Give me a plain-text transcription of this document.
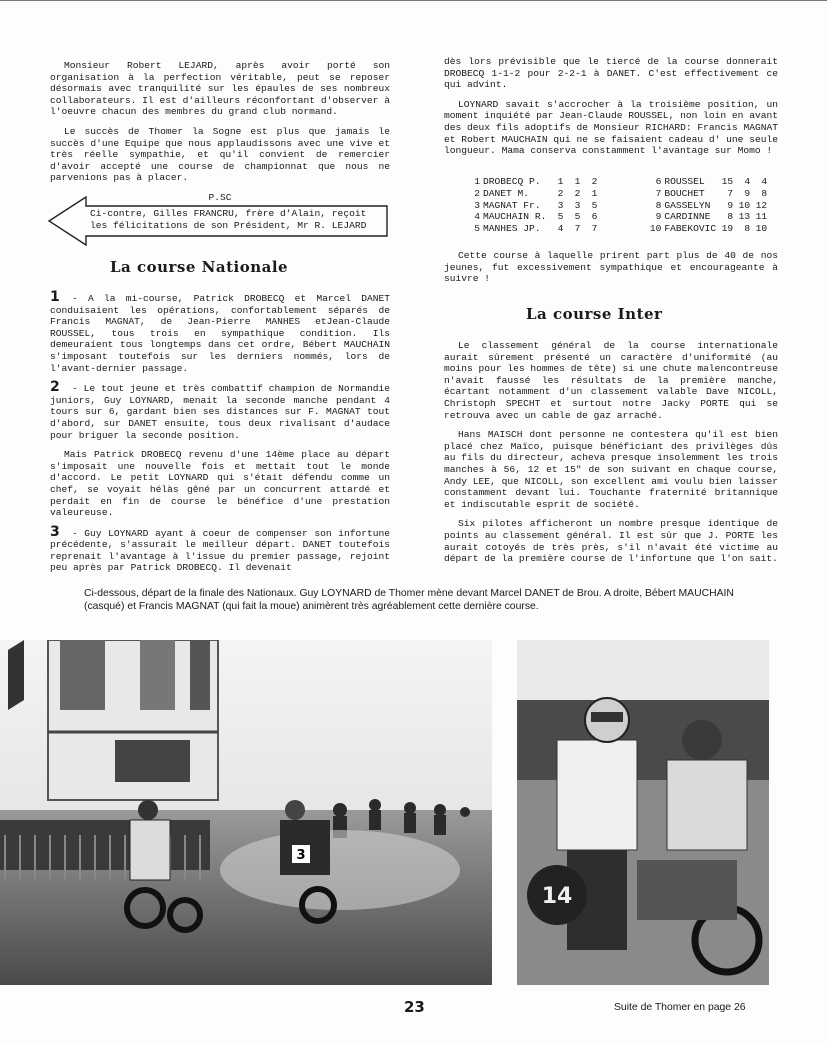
Monsieur Robert LEJARD, après avoir porté son organisation à la perfection véritable, peut se reposer désormais avec tranquilité sur les épaules de ses nombreux collaborateurs. Il est d'ailleurs réconfortant d'observer à l'oeuvre chacun des membres du grand club normand.

Le succès de Thomer la Sogne est plus que jamais le succès d'une Equipe que nous applaudissons avec une vive et très réelle sympathie, et qu'il convient de remercier d'avoir accepté une course de championnat que nous ne parvenions pas à placer.

P.SC
Ci-contre, Gilles FRANCRU, frère d'Alain, reçoit les félicitations de son Président, Mr R. LEJARD
La course Nationale

1 - A la mi-course, Patrick DROBECQ et Marcel DANET conduisaient les opérations, confortablement séparés de Francis MAGNAT, de Jean-Pierre MANHES etJean-Claude ROUSSEL, tous trois en sympathique condition. Ils demeuraient tous longtemps dans cet ordre, Bébert MAUCHAIN s'imposant toutefois sur les derniers nommés, lors de l'avant-dernier passage.

2 - Le tout jeune et très combattif champion de Normandie juniors, Guy LOYNARD, menait la seconde manche pendant 4 tours sur 6, gardant bien ses distances sur F. MAGNAT tout d'abord, sur DANET ensuite, tous deux rivalisant d'audace pour briguer la seconde position.

Mais Patrick DROBECQ revenu d'une 14ème place au départ s'imposait une nouvelle fois et mettait tout le monde d'accord. Le petit LOYNARD qui s'était défendu comme un chef, se voyait hélàs gêné par un concurrent attardé et perdait en fin de course le bénéfice d'une prestation valeureuse.

3 - Guy LOYNARD ayant à coeur de compenser son infortune précédente, s'assurait le meilleur départ. DANET toutefois reprenait l'avantage à l'issue du premier passage, rejoint peu après par Patrick DROBECQ. Il devenait

dès lors prévisible que le tiercé de la course donnerait DROBECQ 1-1-2 pour 2-2-1 à DANET. C'est effectivement ce qui advint.

LOYNARD savait s'accrocher à la troisième position, un moment inquiété par Jean-Claude ROUSSEL, non loin en avant des deux fils adoptifs de Monsieur RICHARD: Francis MAGNAT et Robert MAUCHAIN qui ne se faisaient cadeau d' une seule longueur. Mama conserva constamment l'avantage sur Momo !

1	DROBECQ P.	1	1	2		6	ROUSSEL	15	4	4
2	DANET M.	2	2	1		7	BOUCHET	7	9	8
3	MAGNAT Fr.	3	3	5		8	GASSELYN	9	10	12
4	MAUCHAIN R.	5	5	6		9	CARDINNE	8	13	11
5	MANHES JP.	4	7	7		10	FABEKOVIC	19	8	10

Cette course à laquelle prirent part plus de 40 de nos jeunes, fut excessivement sympathique et encourageante à suivre !

La course Inter

Le classement général de la course internationale aurait sûrement présenté un caractère d'uniformité (au moins pour les hommes de tête) si une chute malencontreuse n'avait faussé les résultats de la première manche, écartant notamment d'un classement valable Dave NICOLL, Christoph SPECHT et surtout notre Jacky PORTE qui se retrouva avec un cable de gaz arraché.

Hans MAISCH dont personne ne contestera qu'il est bien placé chez Maïco, puisque bénéficiant des privilèges dûs au fils du directeur, acheva presque insolemment les trois manches à 56, 12 et 15" de son suivant en chaque course, Andy LEE, que NICOLL, son excellent ami voulu bien laisser constamment devant lui. Touchante fraternité britannique et indiscutable esprit de société.

Six pilotes afficheront un nombre presque identique de points au classement général. Il est sûr que J. PORTE les aurait cotoyés de très près, s'il n'avait été victime au départ de la première course de l'infortune que l'on sait.

Ci-dessous, départ de la finale des Nationaux. Guy LOYNARD de Thomer mène devant Marcel DANET de Brou. A droite, Bébert MAUCHAIN (casqué) et Francis MAGNAT (qui fait la moue) animèrent très agréablement cette dernière course.
3
14
23	Suite de Thomer en page 26
